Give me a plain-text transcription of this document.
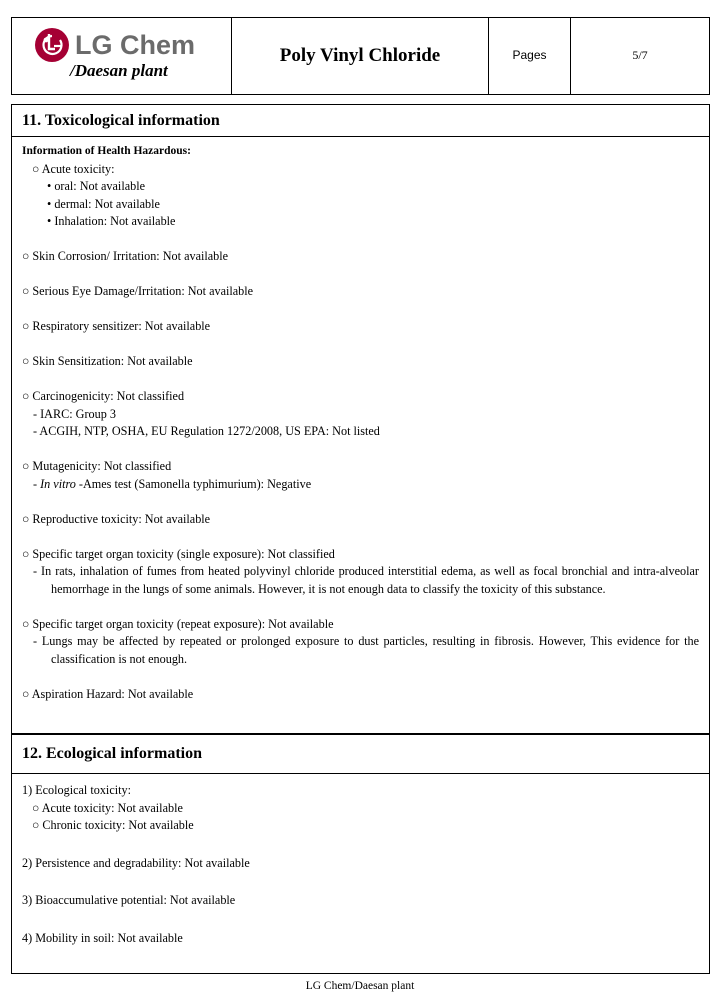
LG Chem
/Daesan plant
Poly Vinyl Chloride	Pages	5/7
11. Toxicological information
Information of Health Hazardous:
○ Acute toxicity:
• oral: Not available
• dermal: Not available
• Inhalation: Not available
○ Skin Corrosion/ Irritation: Not available
○ Serious Eye Damage/Irritation: Not available
○ Respiratory sensitizer: Not available
○ Skin Sensitization: Not available
○ Carcinogenicity: Not classified
- IARC: Group 3
- ACGIH, NTP, OSHA, EU Regulation 1272/2008, US EPA: Not listed
○ Mutagenicity: Not classified
- In vitro -Ames test (Samonella typhimurium): Negative
○ Reproductive toxicity: Not available
○ Specific target organ toxicity (single exposure): Not classified
- In rats, inhalation of fumes from heated polyvinyl chloride produced interstitial edema, as well as focal bronchial and intra-alveolar hemorrhage in the lungs of some animals. However, it is not enough data to classify the toxicity of this substance.
○ Specific target organ toxicity (repeat exposure): Not available
- Lungs may be affected by repeated or prolonged exposure to dust particles, resulting in fibrosis. However, This evidence for the classification is not enough.
○ Aspiration Hazard: Not available
12. Ecological information
1) Ecological toxicity:
○ Acute toxicity: Not available
○ Chronic toxicity: Not available
2) Persistence and degradability: Not available
3) Bioaccumulative potential: Not available
4) Mobility in soil: Not available
LG Chem/Daesan plant
